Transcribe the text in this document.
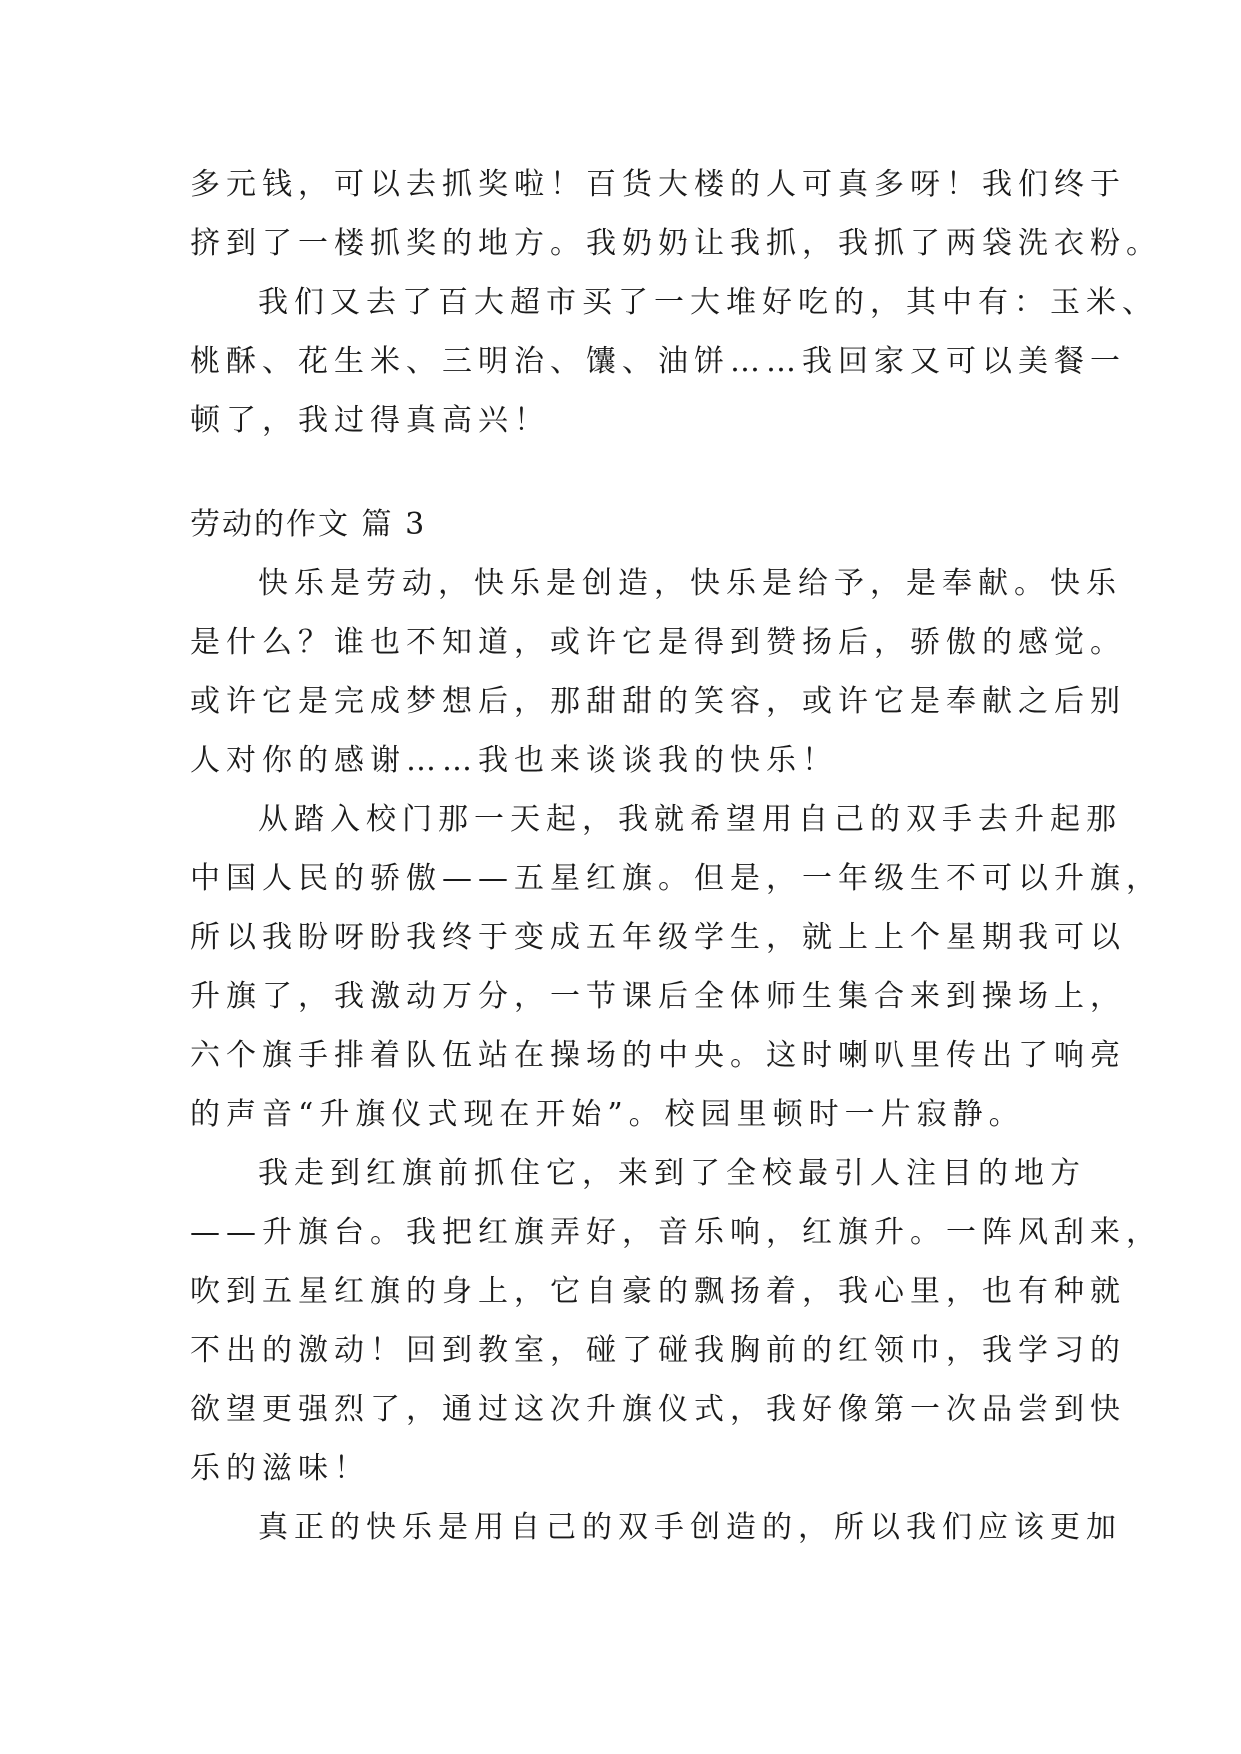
多元钱，可以去抓奖啦！百货大楼的人可真多呀！我们终于
挤到了一楼抓奖的地方。我奶奶让我抓，我抓了两袋洗衣粉。
我们又去了百大超市买了一大堆好吃的，其中有：玉米、
桃酥、花生米、三明治、馕、油饼……我回家又可以美餐一
顿了，我过得真高兴！
劳动的作文 篇 3
快乐是劳动，快乐是创造，快乐是给予，是奉献。快乐
是什么？谁也不知道，或许它是得到赞扬后，骄傲的感觉。
或许它是完成梦想后，那甜甜的笑容，或许它是奉献之后别
人对你的感谢……我也来谈谈我的快乐！
从踏入校门那一天起，我就希望用自己的双手去升起那
中国人民的骄傲——五星红旗。但是，一年级生不可以升旗，
所以我盼呀盼我终于变成五年级学生，就上上个星期我可以
升旗了，我激动万分，一节课后全体师生集合来到操场上，
六个旗手排着队伍站在操场的中央。这时喇叭里传出了响亮
的声音“升旗仪式现在开始”。校园里顿时一片寂静。
我走到红旗前抓住它，来到了全校最引人注目的地方
——升旗台。我把红旗弄好，音乐响，红旗升。一阵风刮来，
吹到五星红旗的身上，它自豪的飘扬着，我心里，也有种就
不出的激动！回到教室，碰了碰我胸前的红领巾，我学习的
欲望更强烈了，通过这次升旗仪式，我好像第一次品尝到快
乐的滋味！
真正的快乐是用自己的双手创造的，所以我们应该更加
